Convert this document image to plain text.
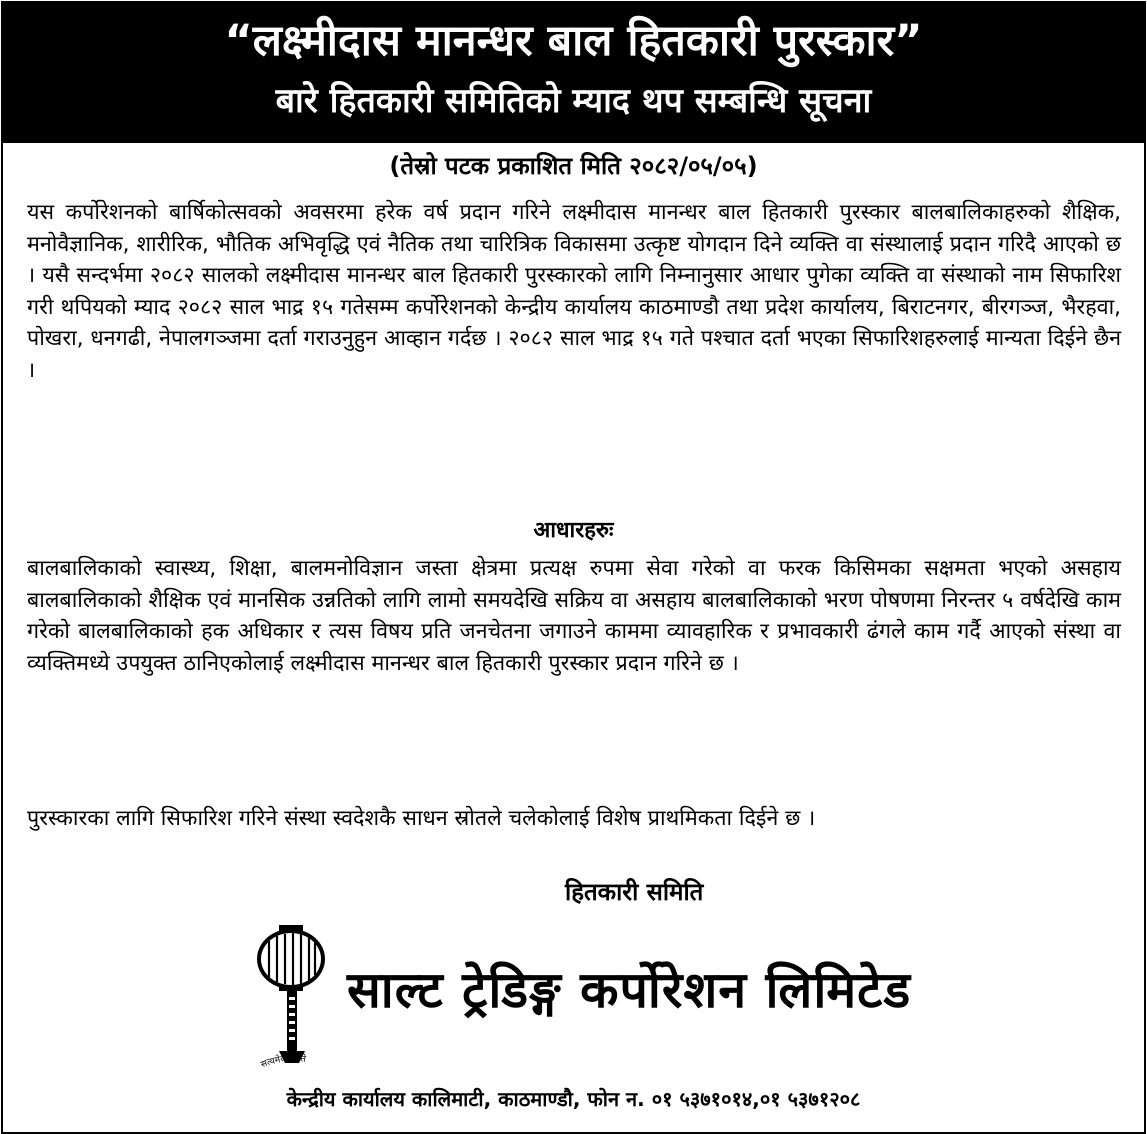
“लक्ष्मीदास मानन्धर बाल हितकारी पुरस्कार”
बारे हितकारी समितिको म्याद थप सम्बन्धि सूचना
(तेस्रो पटक प्रकाशित मिति २०८२/०५/०५)
यस कर्पोरेशनको बार्षिकोत्सवको अवसरमा हरेक वर्ष प्रदान गरिने लक्ष्मीदास मानन्धर बाल हितकारी पुरस्कार बालबालिकाहरुको शैक्षिक, मनोवैज्ञानिक, शारीरिक, भौतिक अभिवृद्धि एवं नैतिक तथा चारित्रिक विकासमा उत्कृष्ट योगदान दिने व्यक्ति वा संस्थालाई प्रदान गरिदै आएको छ । यसै सन्दर्भमा २०८२ सालको लक्ष्मीदास मानन्धर बाल हितकारी पुरस्कारको लागि निम्नानुसार आधार पुगेका व्यक्ति वा संस्थाको नाम सिफारिश गरी थपियको म्याद २०८२ साल भाद्र १५ गतेसम्म कर्पोरेशनको केन्द्रीय कार्यालय काठमाण्डौ तथा प्रदेश कार्यालय, बिराटनगर, बीरगञ्ज, भैरहवा, पोखरा, धनगढी, नेपालगञ्जमा दर्ता गराउनुहुन आव्हान गर्दछ । २०८२ साल भाद्र १५ गते पश्चात दर्ता भएका सिफारिशहरुलाई मान्यता दिईने छैन ।
आधारहरुः
बालबालिकाको स्वास्थ्य, शिक्षा, बालमनोविज्ञान जस्ता क्षेत्रमा प्रत्यक्ष रुपमा सेवा गरेको वा फरक किसिमका सक्षमता भएको असहाय बालबालिकाको शैक्षिक एवं मानसिक उन्नतिको लागि लामो समयदेखि सक्रिय वा असहाय बालबालिकाको भरण पोषणमा निरन्तर ५ वर्षदेखि काम गरेको बालबालिकाको हक अधिकार र त्यस विषय प्रति जनचेतना जगाउने काममा व्यावहारिक र प्रभावकारी ढंगले काम गर्दै आएको संस्था वा व्यक्तिमध्ये उपयुक्त ठानिएकोलाई लक्ष्मीदास मानन्धर बाल हितकारी पुरस्कार प्रदान गरिने छ ।
पुरस्कारका लागि सिफारिश गरिने संस्था स्वदेशकै साधन स्रोतले चलेकोलाई विशेष प्राथमिकता दिईने छ ।
हितकारी समिति
सत्यमेव जयते
साल्ट ट्रेडिङ्ग कर्पोरेशन लिमिटेड
केन्द्रीय कार्यालय कालिमाटी, काठमाण्डौ, फोन न. ०१ ५३७१०१४,०१ ५३७१२०८
